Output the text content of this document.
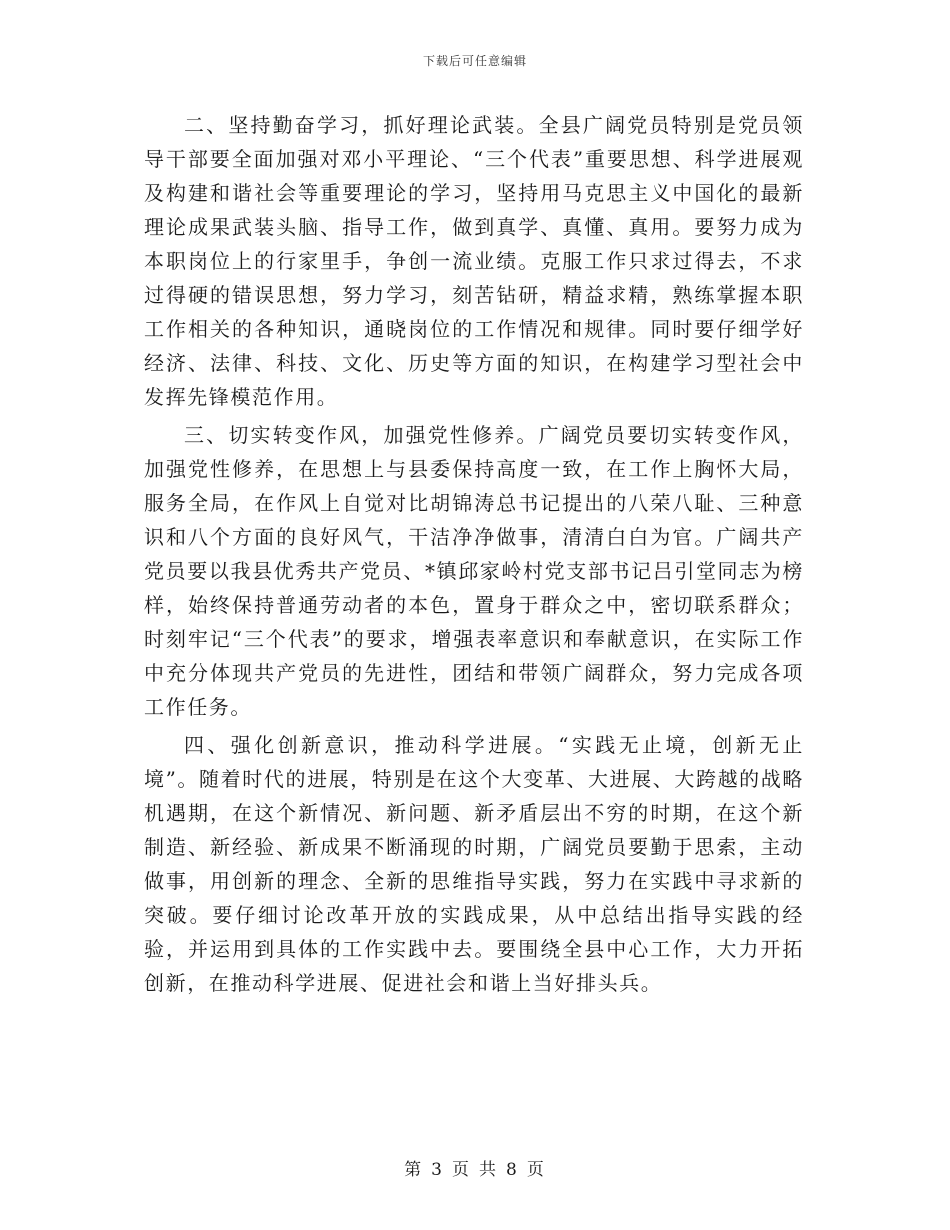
下载后可任意编辑

二、坚持勤奋学习，抓好理论武装。全县广阔党员特别是党员领导干部要全面加强对邓小平理论、“三个代表”重要思想、科学进展观及构建和谐社会等重要理论的学习，坚持用马克思主义中国化的最新理论成果武装头脑、指导工作，做到真学、真懂、真用。要努力成为本职岗位上的行家里手，争创一流业绩。克服工作只求过得去，不求过得硬的错误思想，努力学习，刻苦钻研，精益求精，熟练掌握本职工作相关的各种知识，通晓岗位的工作情况和规律。同时要仔细学好经济、法律、科技、文化、历史等方面的知识，在构建学习型社会中发挥先锋模范作用。

三、切实转变作风，加强党性修养。广阔党员要切实转变作风，加强党性修养，在思想上与县委保持高度一致，在工作上胸怀大局，服务全局，在作风上自觉对比胡锦涛总书记提出的八荣八耻、三种意识和八个方面的良好风气，干洁净净做事，清清白白为官。广阔共产党员要以我县优秀共产党员、*镇邱家岭村党支部书记吕引堂同志为榜样，始终保持普通劳动者的本色，置身于群众之中，密切联系群众；时刻牢记“三个代表”的要求，增强表率意识和奉献意识，在实际工作中充分体现共产党员的先进性，团结和带领广阔群众，努力完成各项工作任务。

四、强化创新意识，推动科学进展。“实践无止境，创新无止境”。随着时代的进展，特别是在这个大变革、大进展、大跨越的战略机遇期，在这个新情况、新问题、新矛盾层出不穷的时期，在这个新制造、新经验、新成果不断涌现的时期，广阔党员要勤于思索，主动做事，用创新的理念、全新的思维指导实践，努力在实践中寻求新的突破。要仔细讨论改革开放的实践成果，从中总结出指导实践的经验，并运用到具体的工作实践中去。要围绕全县中心工作，大力开拓创新，在推动科学进展、促进社会和谐上当好排头兵。

第 3 页 共 8 页
